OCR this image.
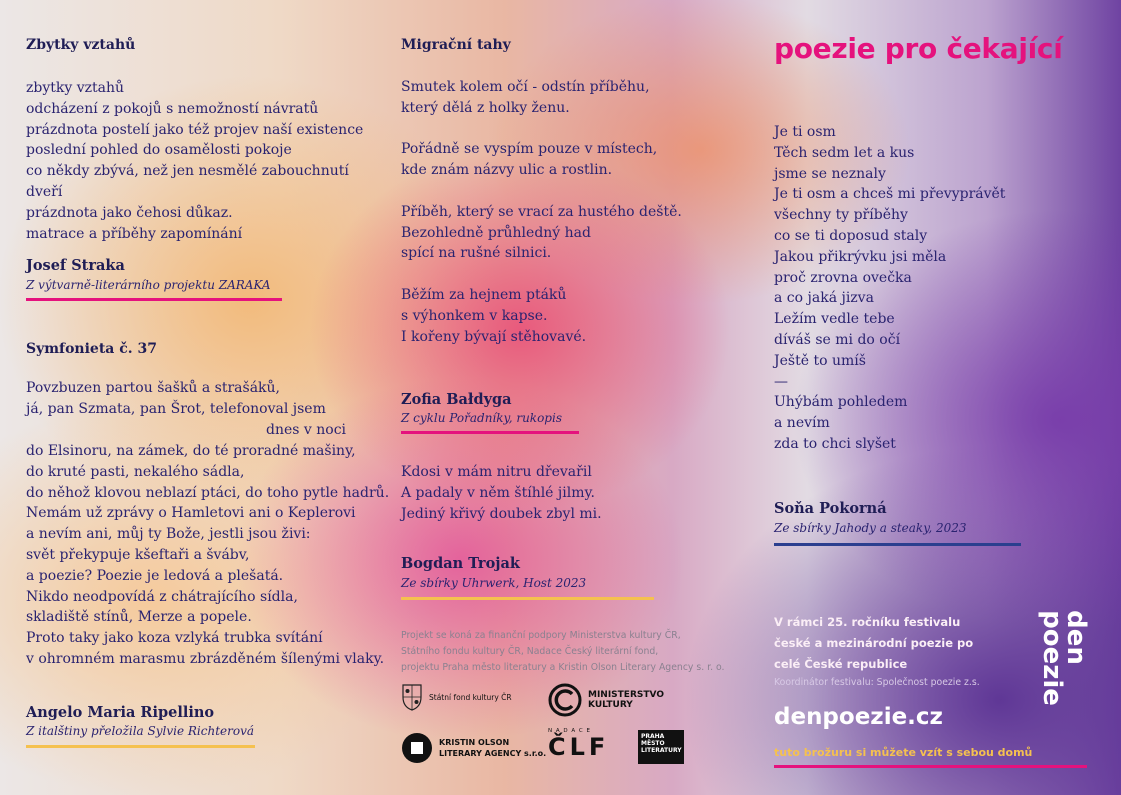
Zbytky vztahů
zbytky vztahů
odcházení z pokojů s nemožností návratů
prázdnota postelí jako též projev naší existence
poslední pohled do osamělosti pokoje
co někdy zbývá, než jen nesmělé zabouchnutí dveří
prázdnota jako čehosi důkaz.
matrace a příběhy zapomínání
Josef Straka
Z výtvarně-literárního projektu ZARAKA
Symfonieta č. 37
Povzbuzen partou šašků a strašáků,
já, pan Szmata, pan Šrot, telefonoval jsem
dnes v noci
do Elsinoru, na zámek, do té proradné mašiny,
do kruté pasti, nekalého sádla,
do něhož klovou neblazí ptáci, do toho pytle hadrů.
Nemám už zprávy o Hamletovi ani o Keplerovi
a nevím ani, můj ty Bože, jestli jsou živi:
svět překypuje kšeftaři a švábv,
a poezie? Poezie je ledová a plešatá.
Nikdo neodpovídá z chátrajícího sídla,
skladiště stínů, Merze a popele.
Proto taky jako koza vzlyká trubka svítání
v ohromném marasmu zbrázděném šílenými vlaky.
Angelo Maria Ripellino
Z italštiny přeložila Sylvie Richterová
Migrační tahy
Smutek kolem očí - odstín příběhu,
který dělá z holky ženu.

Pořádně se vyspím pouze v místech,
kde znám názvy ulic a rostlin.

Příběh, který se vrací za hustého deště.
Bezohledně průhledný had
spící na rušné silnici.

Běžím za hejnem ptáků
s výhonkem v kapse.
I kořeny bývají stěhovavé.
Zofia Bałdyga
Z cyklu Pořadníky, rukopis
Kdosi v mám nitru dřevařil
A padaly v něm štíhlé jilmy.
Jediný křivý doubek zbyl mi.
Bogdan Trojak
Ze sbírky Uhrwerk, Host 2023
Projekt se koná za finanční podpory Ministerstva kultury ČR,
Státního fondu kultury ČR, Nadace Český literární fond,
projektu Praha město literatury a Kristin Olson Literary Agency s. r. o.
Státní fond kultury ČR	MINISTERSTVO
KULTURY
KRISTIN OLSON
LITERARY AGENCY s.r.o.
N A D A C E
ČLF	PRAHA
MĚSTO
LITERATURY
poezie pro čekající
Je ti osm
Těch sedm let a kus
jsme se neznaly
Je ti osm a chceš mi převyprávět
všechny ty příběhy
co se ti doposud staly
Jakou přikrývku jsi měla
proč zrovna ovečka
a co jaká jizva
Ležím vedle tebe
díváš se mi do očí
Ještě to umíš
—
Uhýbám pohledem
a nevím
zda to chci slyšet
Soňa Pokorná
Ze sbírky Jahody a steaky, 2023
V rámci 25. ročníku festivalu
české a mezinárodní poezie po
celé České republice
Koordinátor festivalu: Společnost poezie z.s.
den
poezie
denpoezie.cz
tuto brožuru si můžete vzít s sebou domů
